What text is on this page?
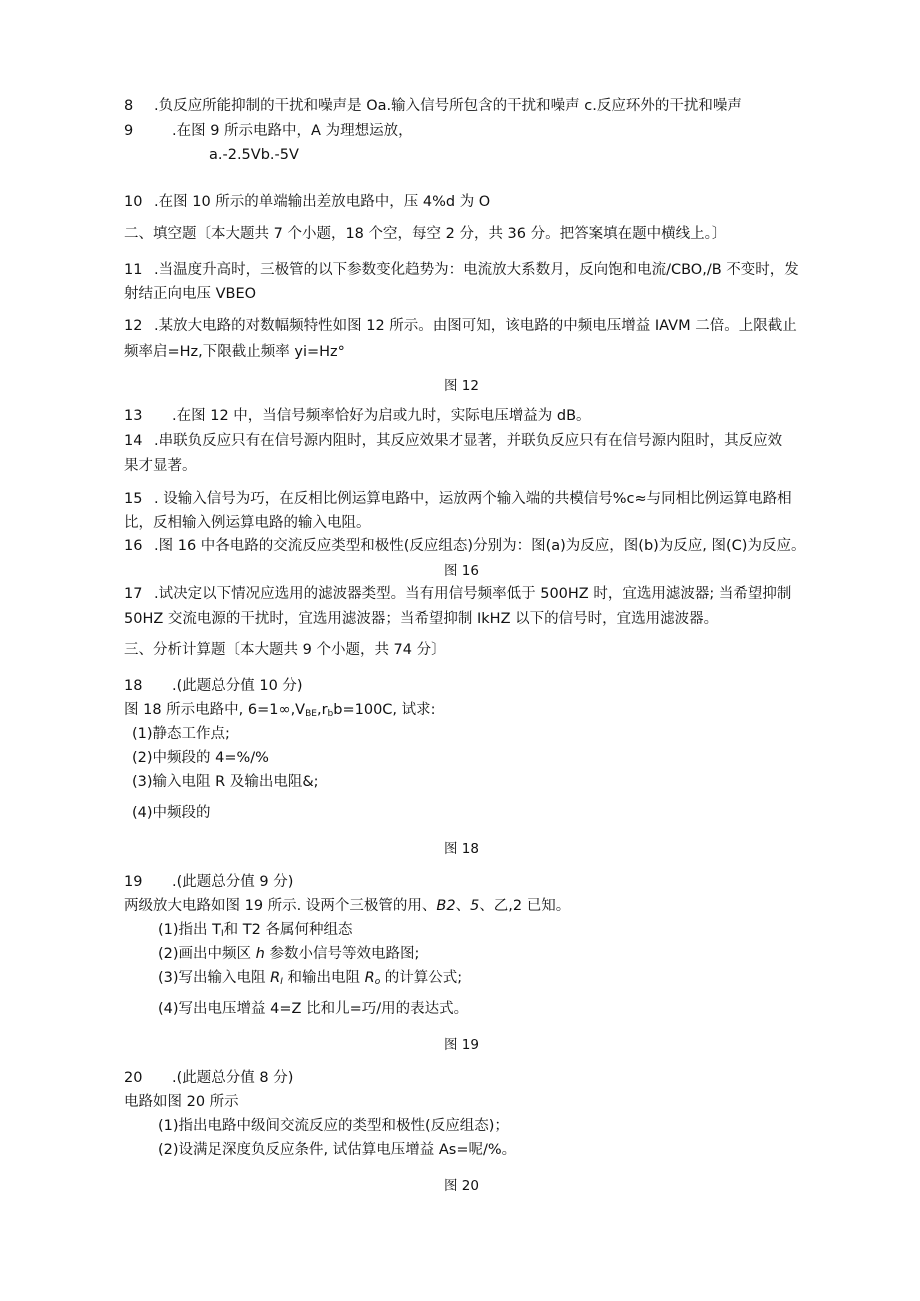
8 .负反应所能抑制的干扰和噪声是 Oa.输入信号所包含的干扰和噪声 c.反应环外的干扰和噪声
9	.在图 9 所示电路中，A 为理想运放，
a.-2.5Vb.-5V
10 .在图 10 所示的单端输出差放电路中，压 4%d 为 O
二、填空题〔本大题共 7 个小题，18 个空，每空 2 分，共 36 分。把答案填在题中横线上。〕
11 .当温度升高时，三极管的以下参数变化趋势为：电流放大系数月，反向饱和电流/CBO,/B 不变时，发
射结正向电压 VBEO
12 .某放大电路的对数幅频特性如图 12 所示。由图可知，该电路的中频电压增益 IAVM 二倍。上限截止
频率启=Hz,下限截止频率 yi=Hz°
图 12
13 .在图 12 中，当信号频率恰好为启或九时，实际电压增益为 dB。
14 .串联负反应只有在信号源内阻时，其反应效果才显著，并联负反应只有在信号源内阻时，其反应效
果才显著。
15 . 设输入信号为巧，在反相比例运算电路中，运放两个输入端的共模信号%c≈与同相比例运算电路相
比，反相输入例运算电路的输入电阻。
16 .图 16 中各电路的交流反应类型和极性(反应组态)分别为：图(a)为反应，图(b)为反应, 图(C)为反应。
图 16
17 .试决定以下情况应选用的滤波器类型。当有用信号频率低于 500HZ 时，宜选用滤波器; 当希望抑制
50HZ 交流电源的干扰时，宜选用滤波器；当希望抑制 IkHZ 以下的信号时，宜选用滤波器。
三、分析计算题〔本大题共 9 个小题，共 74 分〕
18 .(此题总分值 10 分)
图 18 所示电路中, $6=1\infty,V_{BE},r_bb=100C$, 试求:
(1)静态工作点;
(2)中频段的 4=%/%
(3)输入电阻 R 及输出电阻&;
(4)中频段的
图 18
19 .(此题总分值 9 分)
两级放大电路如图 19 所示. 设两个三极管的用、B2、5、乙,2 已知。
(1)指出 $T_I$和 T2 各属何种组态
(2)画出中频区 h 参数小信号等效电路图;
(3)写出输入电阻 $R_I$ 和输出电阻 $R_o$ 的计算公式;
(4)写出电压增益 4=Z 比和儿=巧/用的表达式。
图 19
20 .(此题总分值 8 分)
电路如图 20 所示
(1)指出电路中级间交流反应的类型和极性(反应组态)；
(2)设满足深度负反应条件, 试估算电压增益 As=呢/%。
图 20
